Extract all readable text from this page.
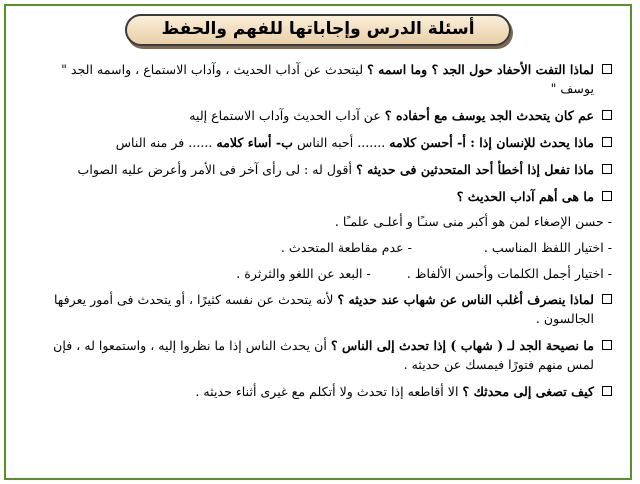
أسئلة الدرس وإجاباتها للفهم والحفظ
لماذا التفت الأحفاد حول الجد ؟ وما اسمه ؟ ليتحدث عن آداب الحديث ، وآداب الاستماع ، واسمه الجد " يوسف "
عم كان يتحدث الجد يوسف مع أحفاده ؟ عن آداب الحديث وآداب الاستماع إليه
ماذا يحدث للإنسان إذا : أ- أحسن كلامه ....... أحبه الناس ب- أساء كلامه ...... فر منه الناس
ماذا تفعل إذا أخطأ أحد المتحدثين فى حديثه ؟ أقول له : لى رأى آخر فى الأمر وأعرض عليه الصواب
ما هى أهم آداب الحديث ؟
- حسن الإصغاء لمن هو أكبر منى سنـًا و أعلـى علمـًا .
- اختيار اللفظ المناسب .
- عدم مقاطعة المتحدث .
- اختيار أجمل الكلمات وأحسن الألفاظ .
- البعد عن اللغو والثرثرة .
لماذا ينصرف أغلب الناس عن شهاب عند حديثه ؟ لأنه يتحدث عن نفسه كثيرًا ، أو يتحدث فى أمور يعرفها الجالسون .
ما نصيحة الجد لـ ( شهاب ) إذا تحدث إلى الناس ؟ أن يحدث الناس إذا ما نظروا إليه ، واستمعوا له ، فإن لمس منهم فتورًا فيمسك عن حديثه .
كيف تصغى إلى محدثك ؟ الا أقاطعه إذا تحدث ولا أتكلم مع غيرى أثناء حديثه .
